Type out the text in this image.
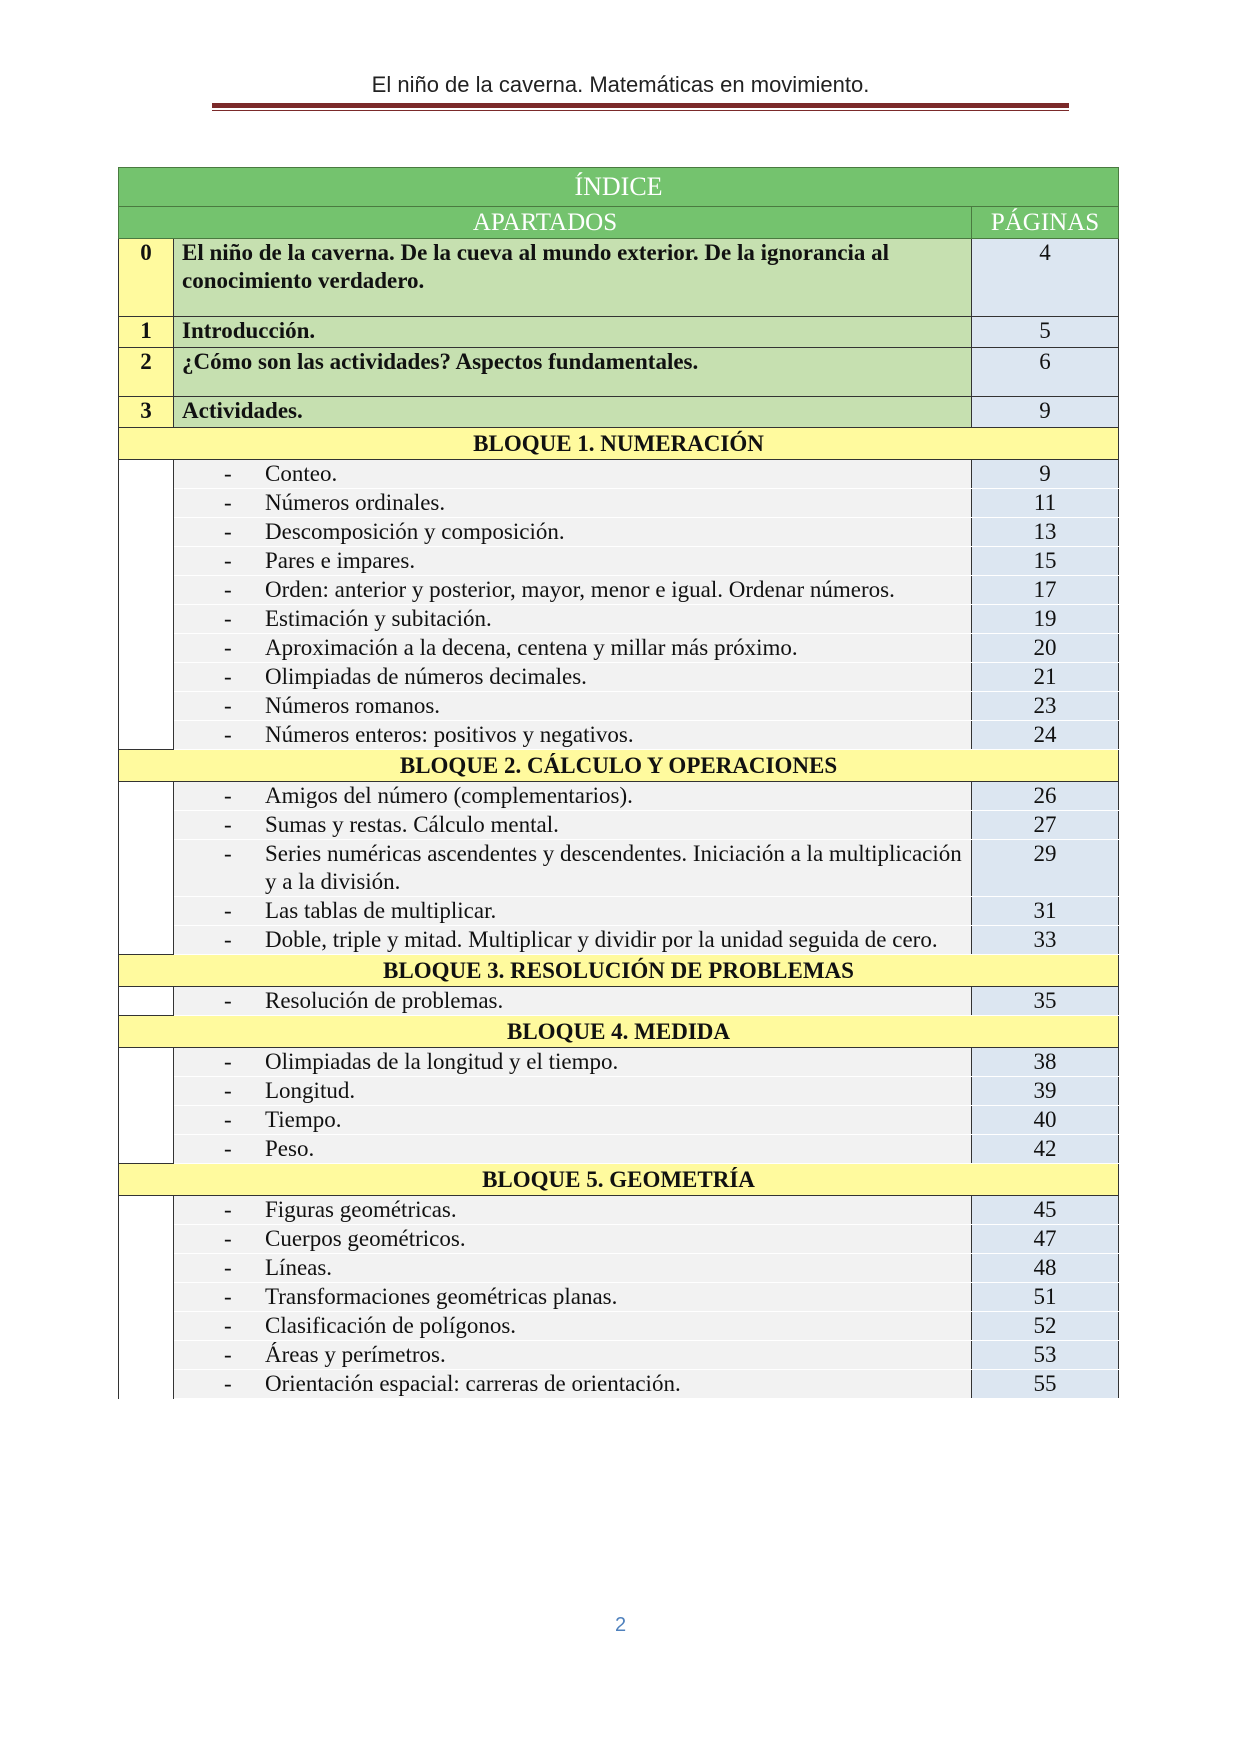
El niño de la caverna. Matemáticas en movimiento.
ÍNDICE		
APARTADOS		PÁGINAS
0	El niño de la caverna. De la cueva al mundo exterior. De la ignorancia al conocimiento verdadero.	4
1	Introducción.	5
2	¿Cómo son las actividades? Aspectos fundamentales.	6
3	Actividades.	9
BLOQUE 1. NUMERACIÓN		

	- Conteo.	9

	- Números ordinales.	11

	- Descomposición y composición.	13

	- Pares e impares.	15

	- Orden: anterior y posterior, mayor, menor e igual. Ordenar números.	17

	- Estimación y subitación.	19

	- Aproximación a la decena, centena y millar más próximo.	20

	- Olimpiadas de números decimales.	21

	- Números romanos.	23

	- Números enteros: positivos y negativos.	24
BLOQUE 2. CÁLCULO Y OPERACIONES		

	- Amigos del número (complementarios).	26

	- Sumas y restas. Cálculo mental.	27

	- Series numéricas ascendentes y descendentes. Iniciación a la multiplicación y a la división.	29

	- Las tablas de multiplicar.	31

	- Doble, triple y mitad. Multiplicar y dividir por la unidad seguida de cero.	33
BLOQUE 3. RESOLUCIÓN DE PROBLEMAS		

	- Resolución de problemas.	35
BLOQUE 4. MEDIDA		

	- Olimpiadas de la longitud y el tiempo.	38

	- Longitud.	39

	- Tiempo.	40

	- Peso.	42
BLOQUE 5. GEOMETRÍA		

	- Figuras geométricas.	45

	- Cuerpos geométricos.	47

	- Líneas.	48

	- Transformaciones geométricas planas.	51

	- Clasificación de polígonos.	52

	- Áreas y perímetros.	53

	- Orientación espacial: carreras de orientación.	55
2
